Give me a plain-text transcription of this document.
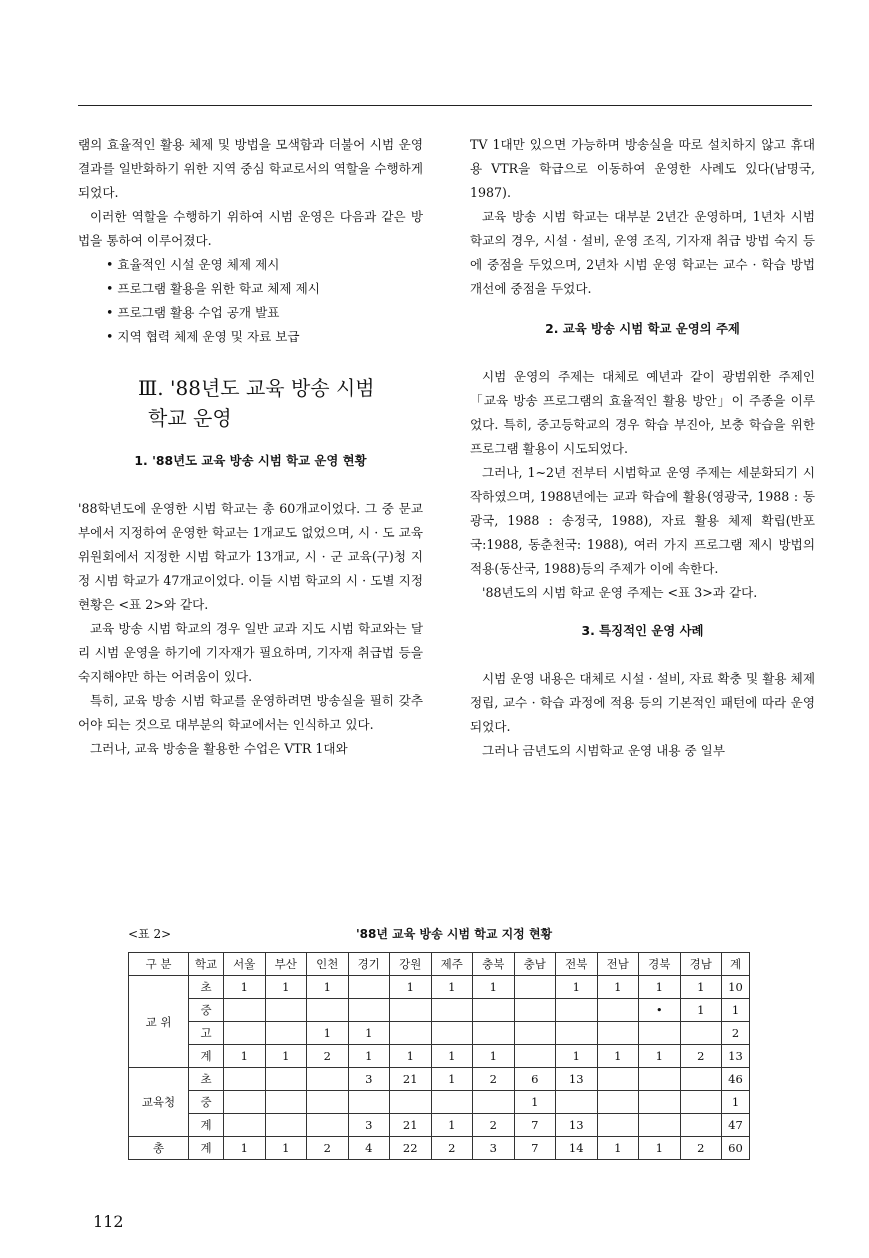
램의 효율적인 활용 체제 및 방법을 모색함과 더불어 시범 운영 결과를 일반화하기 위한 지역 중심 학교로서의 역할을 수행하게 되었다.

이러한 역할을 수행하기 위하여 시범 운영은 다음과 같은 방법을 통하여 이루어졌다.

• 효율적인 시설 운영 체제 제시

• 프로그램 활용을 위한 학교 체제 제시

• 프로그램 활용 수업 공개 발표

• 지역 협력 체제 운영 및 자료 보급

Ⅲ. '88년도 교육 방송 시범
학교 운영
1. '88년도 교육 방송 시범 학교 운영 현황

'88학년도에 운영한 시범 학교는 총 60개교이었다. 그 중 문교부에서 지정하여 운영한 학교는 1개교도 없었으며, 시 · 도 교육위원회에서 지정한 시범 학교가 13개교, 시 · 군 교육(구)청 지정 시범 학교가 47개교이었다. 이들 시범 학교의 시 · 도별 지정 현황은 <표 2>와 같다.

교육 방송 시범 학교의 경우 일반 교과 지도 시범 학교와는 달리 시범 운영을 하기에 기자재가 필요하며, 기자재 취급법 등을 숙지해야만 하는 어려움이 있다.

특히, 교육 방송 시범 학교를 운영하려면 방송실을 필히 갖추어야 되는 것으로 대부분의 학교에서는 인식하고 있다.

그러나, 교육 방송을 활용한 수업은 VTR 1대와

TV 1대만 있으면 가능하며 방송실을 따로 설치하지 않고 휴대용 VTR을 학급으로 이동하여 운영한 사례도 있다(남명국, 1987).

교육 방송 시범 학교는 대부분 2년간 운영하며, 1년차 시범 학교의 경우, 시설 · 설비, 운영 조직, 기자재 취급 방법 숙지 등에 중점을 두었으며, 2년차 시범 운영 학교는 교수 · 학습 방법 개선에 중점을 두었다.

2. 교육 방송 시범 학교 운영의 주제

시범 운영의 주제는 대체로 예년과 같이 광범위한 주제인 「교육 방송 프로그램의 효율적인 활용 방안」이 주종을 이루었다. 특히, 중고등학교의 경우 학습 부진아, 보충 학습을 위한 프로그램 활용이 시도되었다.

그러나, 1~2년 전부터 시범학교 운영 주제는 세분화되기 시작하였으며, 1988년에는 교과 학습에 활용(영광국, 1988 : 동광국, 1988 : 송정국, 1988), 자료 활용 체제 확립(반포국:1988, 동춘천국: 1988), 여러 가지 프로그램 제시 방법의 적용(동산국, 1988)등의 주제가 이에 속한다.

'88년도의 시범 학교 운영 주제는 <표 3>과 같다.

3. 특징적인 운영 사례

시범 운영 내용은 대체로 시설 · 설비, 자료 확충 및 활용 체제 정립, 교수 · 학습 과정에 적용 등의 기본적인 패턴에 따라 운영되었다.

그러나 금년도의 시범학교 운영 내용 중 일부

<표 2>	'88년 교육 방송 시범 학교 지정 현황
구 분	학교	서울	부산	인천	경기	강원	제주	충북	충남	전북	전남	경북	경남	계
교 위	초	1	1	1		1	1	1		1	1	1	1	10
	중											•	1	1
	고			1	1									2
	계	1	1	2	1	1	1	1		1	1	1	2	13
교육청	초				3	21	1	2	6	13				46
	중								1					1
	계				3	21	1	2	7	13				47
총	계	1	1	2	4	22	2	3	7	14	1	1	2	60
112
